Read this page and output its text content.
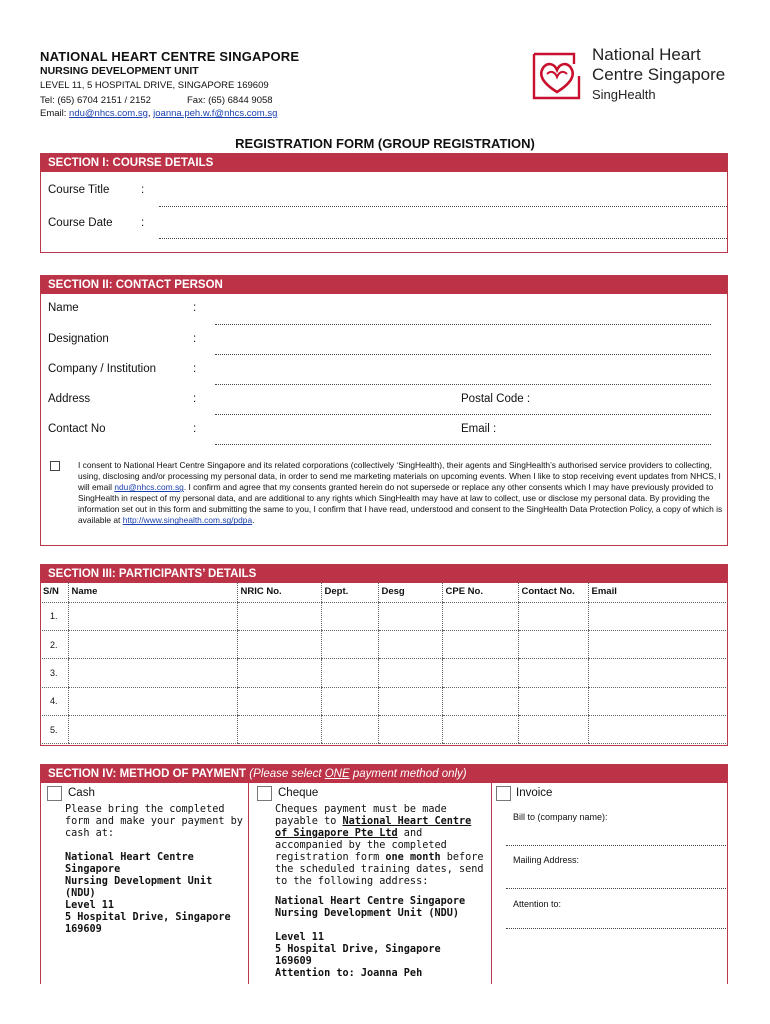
NATIONAL HEART CENTRE SINGAPORE
NURSING DEVELOPMENT UNIT
LEVEL 11, 5 HOSPITAL DRIVE, SINGAPORE 169609
Tel: (65) 6704 2151 / 2152	Fax: (65) 6844 9058
Email: ndu@nhcs.com.sg, joanna.peh.w.f@nhcs.com.sg
National Heart
Centre Singapore
SingHealth
REGISTRATION FORM (GROUP REGISTRATION)
SECTION I: COURSE DETAILS
Course Title	:
Course Date :
SECTION II: CONTACT PERSON
Name	:
Designation	:
Company / Institution	:
Address	:	Postal Code :
Contact No	:	Email :
I consent to National Heart Centre Singapore and its related corporations (collectively ‘SingHealth), their agents and SingHealth’s authorised service providers to collecting, using, disclosing and/or processing my personal data, in order to send me marketing materials on upcoming events. When I like to stop receiving event updates from NHCS, I will email ndu@nhcs.com.sg. I confirm and agree that my consents granted herein do not supersede or replace any other consents which I may have previously provided to SingHealth in respect of my personal data, and are additional to any rights which SingHealth may have at law to collect, use or disclose my personal data. By providing the information set out in this form and submitting the same to you, I confirm that I have read, understood and consent to the SingHealth Data Protection Policy, a copy of which is available at http://www.singhealth.com.sg/pdpa.
SECTION III: PARTICIPANTS’ DETAILS
S/N	Name	NRIC No.	Dept.	Desg	CPE No.	Contact No.	Email
1.							
2.							
3.							
4.							
5.							
SECTION IV: METHOD OF PAYMENT (Please select ONE payment method only)
Cash
Please bring the completed form and make your payment by cash at:
National Heart Centre Singapore
Nursing Development Unit (NDU)
Level 11
5 Hospital Drive, Singapore 169609
Cheque
Cheques payment must be made payable to National Heart Centre of Singapore Pte Ltd and accompanied by the completed registration form one month before the scheduled training dates, send to the following address:
National Heart Centre Singapore
Nursing Development Unit (NDU)
Level 11
5 Hospital Drive, Singapore
169609
Attention to: Joanna Peh
Invoice
Bill to (company name):
Mailing Address:
Attention to:
